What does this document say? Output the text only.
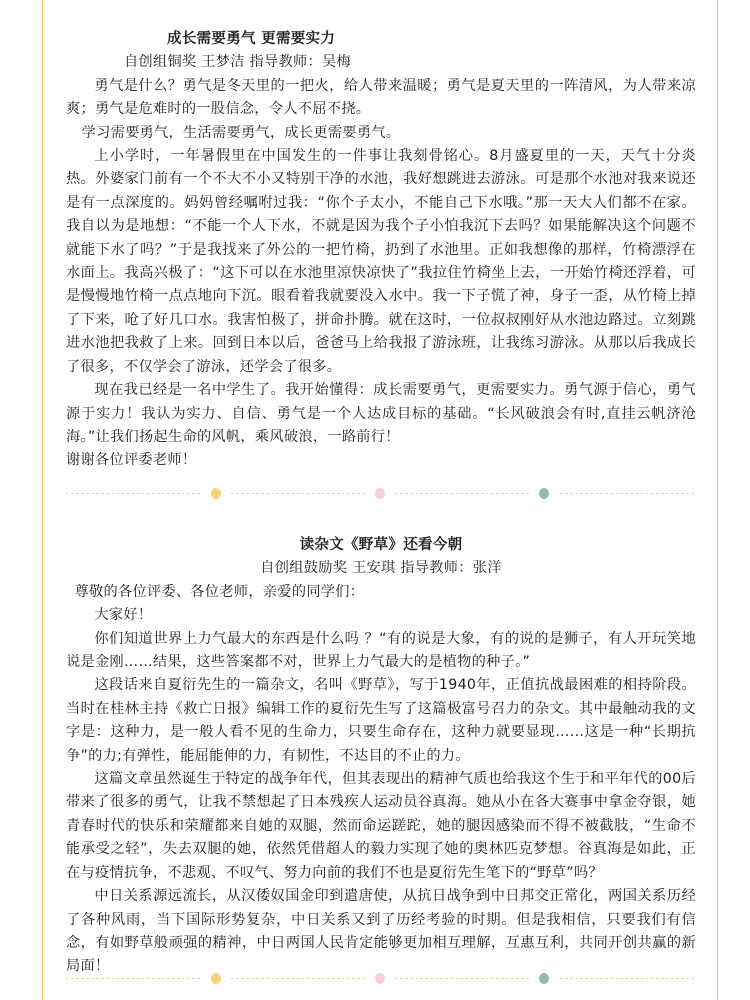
成长需要勇气 更需要实力

自创组铜奖 王梦洁 指导教师：吴梅

勇气是什么？勇气是冬天里的一把火，给人带来温暖；勇气是夏天里的一阵清风，为人带来凉爽；勇气是危难时的一股信念，令人不屈不挠。

学习需要勇气，生活需要勇气，成长更需要勇气。

上小学时，一年暑假里在中国发生的一件事让我刻骨铭心。8月盛夏里的一天，天气十分炎热。外婆家门前有一个不大不小又特别干净的水池，我好想跳进去游泳。可是那个水池对我来说还是有一点深度的。妈妈曾经嘱咐过我：“你个子太小，不能自己下水哦。”那一天大人们都不在家。我自以为是地想：“不能一个人下水，不就是因为我个子小怕我沉下去吗？如果能解决这个问题不就能下水了吗？”于是我找来了外公的一把竹椅，扔到了水池里。正如我想像的那样，竹椅漂浮在水面上。我高兴极了：“这下可以在水池里凉快凉快了”我拉住竹椅坐上去，一开始竹椅还浮着，可是慢慢地竹椅一点点地向下沉。眼看着我就要没入水中。我一下子慌了神，身子一歪，从竹椅上掉了下来，呛了好几口水。我害怕极了，拼命扑腾。就在这时，一位叔叔刚好从水池边路过。立刻跳进水池把我救了上来。回到日本以后，爸爸马上给我报了游泳班，让我练习游泳。从那以后我成长了很多，不仅学会了游泳，还学会了很多。

现在我已经是一名中学生了。我开始懂得：成长需要勇气，更需要实力。勇气源于信心，勇气源于实力！我认为实力、自信、勇气是一个人达成目标的基础。“长风破浪会有时,直挂云帆济沧海。”让我们扬起生命的风帆，乘风破浪，一路前行！

谢谢各位评委老师！

读杂文《野草》还看今朝

自创组鼓励奖 王安琪 指导教师：张洋

尊敬的各位评委、各位老师，亲爱的同学们：

大家好！

你们知道世界上力气最大的东西是什么吗 ？“有的说是大象，有的说的是狮子，有人开玩笑地说是金刚……结果，这些答案都不对，世界上力气最大的是植物的种子。”

这段话来自夏衍先生的一篇杂文，名叫《野草》，写于1940年，正值抗战最困难的相持阶段。当时在桂林主持《救亡日报》编辑工作的夏衍先生写了这篇极富号召力的杂文。其中最触动我的文字是：这种力，是一般人看不见的生命力，只要生命存在，这种力就要显现……这是一种“长期抗争”的力;有弹性，能屈能伸的力，有韧性，不达目的不止的力。

这篇文章虽然诞生于特定的战争年代，但其表现出的精神气质也给我这个生于和平年代的00后带来了很多的勇气，让我不禁想起了日本残疾人运动员谷真海。她从小在各大赛事中拿金夺银，她青春时代的快乐和荣耀都来自她的双腿，然而命运蹉跎，她的腿因感染而不得不被截肢，“生命不能承受之轻”，失去双腿的她，依然凭借超人的毅力实现了她的奥林匹克梦想。谷真海是如此，正在与疫情抗争，不悲观、不叹气、努力向前的我们不也是夏衍先生笔下的“野草”吗？

中日关系源远流长，从汉倭奴国金印到遣唐使，从抗日战争到中日邦交正常化，两国关系历经了各种风雨，当下国际形势复杂，中日关系又到了历经考验的时期。但是我相信，只要我们有信念，有如野草般顽强的精神，中日两国人民肯定能够更加相互理解，互惠互利，共同开创共赢的新局面！
